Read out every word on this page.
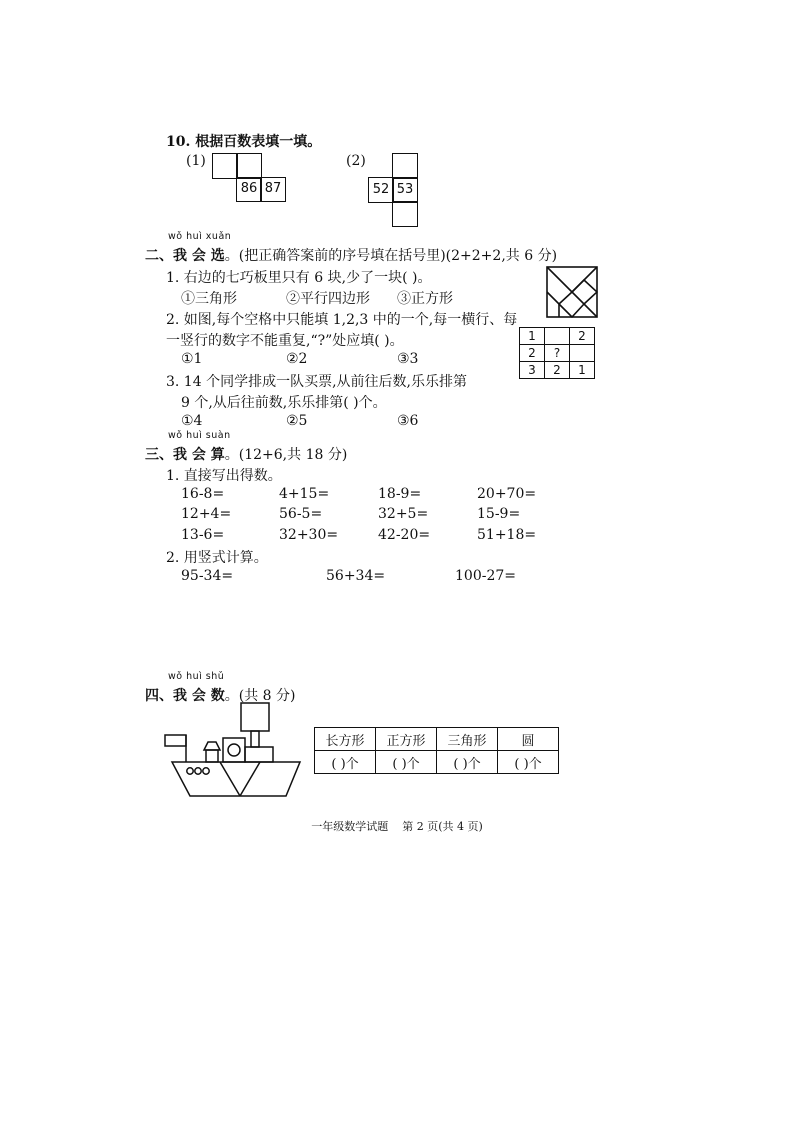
10. 根据百数表填一填。
(1)	(2)
86 87	52 53
wǒ huì xuǎn
二、我 会 选。(把正确答案前的序号填在括号里)(2+2+2,共 6 分)
1. 右边的七巧板里只有 6 块,少了一块( )。
①三角形	②平行四边形 ③正方形
2. 如图,每个空格中只能填 1,2,3 中的一个,每一横行、每
一竖行的数字不能重复,“?”处应填( )。
①1	②2	③3
1		2
2	?	
3	2	1
3. 14 个同学排成一队买票,从前往后数,乐乐排第
9 个,从后往前数,乐乐排第( )个。
①4	②5	③6
wǒ huì suàn
三、我 会 算。(12+6,共 18 分)
1. 直接写出得数。
16-8=	4+15=	18-9=	20+70=
12+4=	56-5=	32+5=	15-9=
13-6=	32+30=	42-20=	51+18=
2. 用竖式计算。
95-34=	56+34=	100-27=
wǒ huì shǔ
四、我 会 数。(共 8 分)
长方形	正方形	三角形	圆
( )个	( )个	( )个	( )个
一年级数学试题    第 2 页(共 4 页)
